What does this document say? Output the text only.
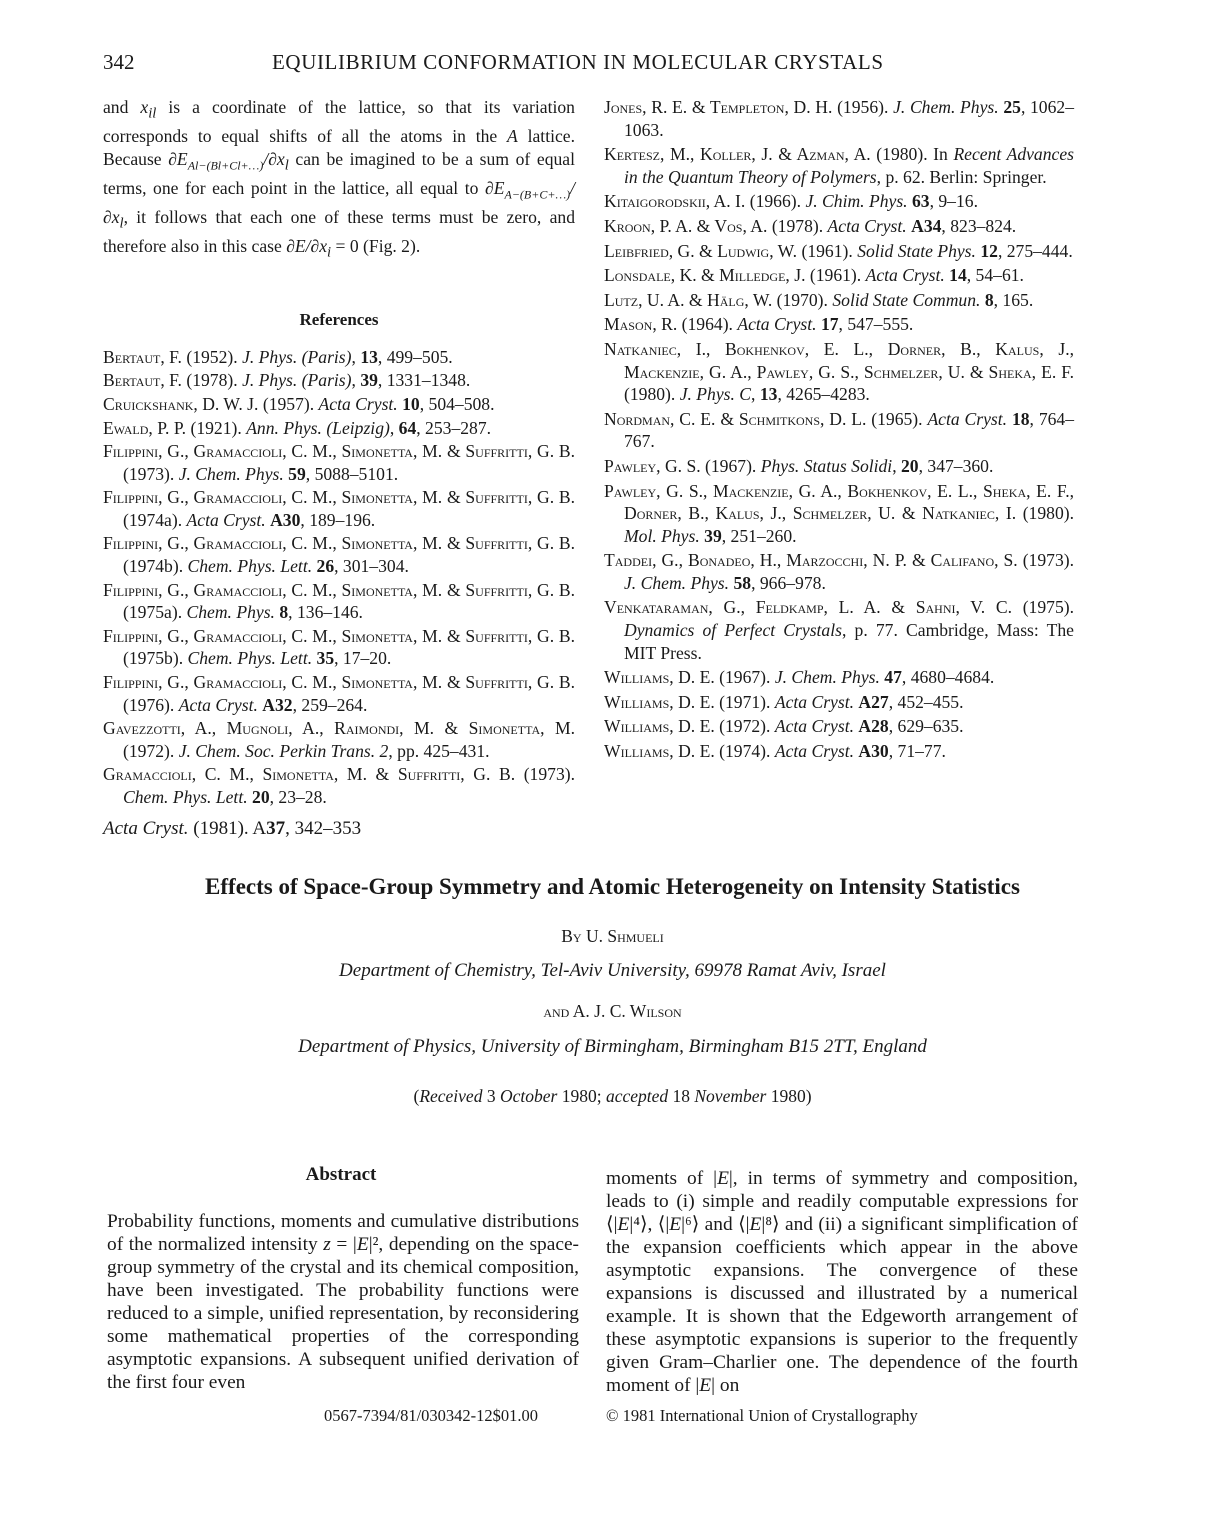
342	EQUILIBRIUM CONFORMATION IN MOLECULAR CRYSTALS

and $x_{il}$ is a coordinate of the lattice, so that its variation corresponds to equal shifts of all the atoms in the A lattice. Because $\partial E_{Al-(Bl+Cl+\dots)}/\partial x_l$ can be imagined to be a sum of equal terms, one for each point in the lattice, all equal to $\partial E_{A-(B+C+\dots)}/\partial x_l$, it follows that each one of these terms must be zero, and therefore also in this case $\partial E/\partial x_i = 0$ (Fig. 2).

References
Bertaut, F. (1952). J. Phys. (Paris), 13, 499–505.
Bertaut, F. (1978). J. Phys. (Paris), 39, 1331–1348.
Cruickshank, D. W. J. (1957). Acta Cryst. 10, 504–508.
Ewald, P. P. (1921). Ann. Phys. (Leipzig), 64, 253–287.
Filippini, G., Gramaccioli, C. M., Simonetta, M. & Suffritti, G. B. (1973). J. Chem. Phys. 59, 5088–5101.
Filippini, G., Gramaccioli, C. M., Simonetta, M. & Suffritti, G. B. (1974a). Acta Cryst. A30, 189–196.
Filippini, G., Gramaccioli, C. M., Simonetta, M. & Suffritti, G. B. (1974b). Chem. Phys. Lett. 26, 301–304.
Filippini, G., Gramaccioli, C. M., Simonetta, M. & Suffritti, G. B. (1975a). Chem. Phys. 8, 136–146.
Filippini, G., Gramaccioli, C. M., Simonetta, M. & Suffritti, G. B. (1975b). Chem. Phys. Lett. 35, 17–20.
Filippini, G., Gramaccioli, C. M., Simonetta, M. & Suffritti, G. B. (1976). Acta Cryst. A32, 259–264.
Gavezzotti, A., Mugnoli, A., Raimondi, M. & Simonetta, M. (1972). J. Chem. Soc. Perkin Trans. 2, pp. 425–431.
Gramaccioli, C. M., Simonetta, M. & Suffritti, G. B. (1973). Chem. Phys. Lett. 20, 23–28.
Jones, R. E. & Templeton, D. H. (1956). J. Chem. Phys. 25, 1062–1063.
Kertesz, M., Koller, J. & Azman, A. (1980). In Recent Advances in the Quantum Theory of Polymers, p. 62. Berlin: Springer.
Kitaigorodskii, A. I. (1966). J. Chim. Phys. 63, 9–16.
Kroon, P. A. & Vos, A. (1978). Acta Cryst. A34, 823–824.
Leibfried, G. & Ludwig, W. (1961). Solid State Phys. 12, 275–444.
Lonsdale, K. & Milledge, J. (1961). Acta Cryst. 14, 54–61.
Lutz, U. A. & Hälg, W. (1970). Solid State Commun. 8, 165.
Mason, R. (1964). Acta Cryst. 17, 547–555.
Natkaniec, I., Bokhenkov, E. L., Dorner, B., Kalus, J., Mackenzie, G. A., Pawley, G. S., Schmelzer, U. & Sheka, E. F. (1980). J. Phys. C, 13, 4265–4283.
Nordman, C. E. & Schmitkons, D. L. (1965). Acta Cryst. 18, 764–767.
Pawley, G. S. (1967). Phys. Status Solidi, 20, 347–360.
Pawley, G. S., Mackenzie, G. A., Bokhenkov, E. L., Sheka, E. F., Dorner, B., Kalus, J., Schmelzer, U. & Natkaniec, I. (1980). Mol. Phys. 39, 251–260.
Taddei, G., Bonadeo, H., Marzocchi, N. P. & Califano, S. (1973). J. Chem. Phys. 58, 966–978.
Venkataraman, G., Feldkamp, L. A. & Sahni, V. C. (1975). Dynamics of Perfect Crystals, p. 77. Cambridge, Mass: The MIT Press.
Williams, D. E. (1967). J. Chem. Phys. 47, 4680–4684.
Williams, D. E. (1971). Acta Cryst. A27, 452–455.
Williams, D. E. (1972). Acta Cryst. A28, 629–635.
Williams, D. E. (1974). Acta Cryst. A30, 71–77.
Acta Cryst. (1981). A37, 342–353
Effects of Space-Group Symmetry and Atomic Heterogeneity on Intensity Statistics
By U. Shmueli
Department of Chemistry, Tel-Aviv University, 69978 Ramat Aviv, Israel
and A. J. C. Wilson
Department of Physics, University of Birmingham, Birmingham B15 2TT, England
(Received 3 October 1980; accepted 18 November 1980)
Abstract
Probability functions, moments and cumulative distributions of the normalized intensity z = |E|², depending on the space-group symmetry of the crystal and its chemical composition, have been investigated. The probability functions were reduced to a simple, unified representation, by reconsidering some mathematical properties of the corresponding asymptotic expansions. A subsequent unified derivation of the first four even
moments of |E|, in terms of symmetry and composition, leads to (i) simple and readily computable expressions for ⟨|E|⁴⟩, ⟨|E|⁶⟩ and ⟨|E|⁸⟩ and (ii) a significant simplification of the expansion coefficients which appear in the above asymptotic expansions. The convergence of these expansions is discussed and illustrated by a numerical example. It is shown that the Edgeworth arrangement of these asymptotic expansions is superior to the frequently given Gram–Charlier one. The dependence of the fourth moment of |E| on
0567-7394/81/030342-12$01.00	© 1981 International Union of Crystallography
